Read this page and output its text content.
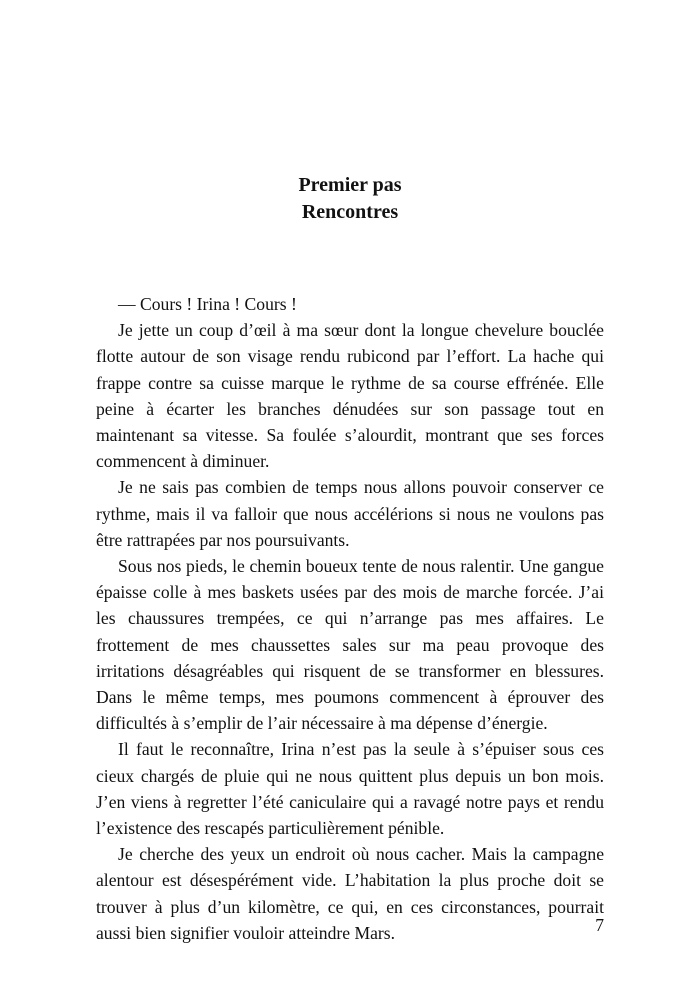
Premier pas
Rencontres

— Cours ! Irina ! Cours !

Je jette un coup d’œil à ma sœur dont la longue chevelure bouclée flotte autour de son visage rendu rubicond par l’effort. La hache qui frappe contre sa cuisse marque le rythme de sa course effrénée. Elle peine à écarter les branches dénudées sur son passage tout en maintenant sa vitesse. Sa foulée s’alourdit, montrant que ses forces commencent à diminuer.

Je ne sais pas combien de temps nous allons pouvoir conserver ce rythme, mais il va falloir que nous accélérions si nous ne voulons pas être rattrapées par nos poursuivants.

Sous nos pieds, le chemin boueux tente de nous ralentir. Une gangue épaisse colle à mes baskets usées par des mois de marche forcée. J’ai les chaussures trempées, ce qui n’arrange pas mes affaires. Le frottement de mes chaussettes sales sur ma peau provoque des irritations désagréables qui risquent de se transformer en blessures. Dans le même temps, mes poumons commencent à éprouver des difficultés à s’emplir de l’air nécessaire à ma dépense d’énergie.

Il faut le reconnaître, Irina n’est pas la seule à s’épuiser sous ces cieux chargés de pluie qui ne nous quittent plus depuis un bon mois. J’en viens à regretter l’été caniculaire qui a ravagé notre pays et rendu l’existence des rescapés particulièrement pénible.

Je cherche des yeux un endroit où nous cacher. Mais la campagne alentour est désespérément vide. L’habitation la plus proche doit se trouver à plus d’un kilomètre, ce qui, en ces circonstances, pourrait aussi bien signifier vouloir atteindre Mars.	7
